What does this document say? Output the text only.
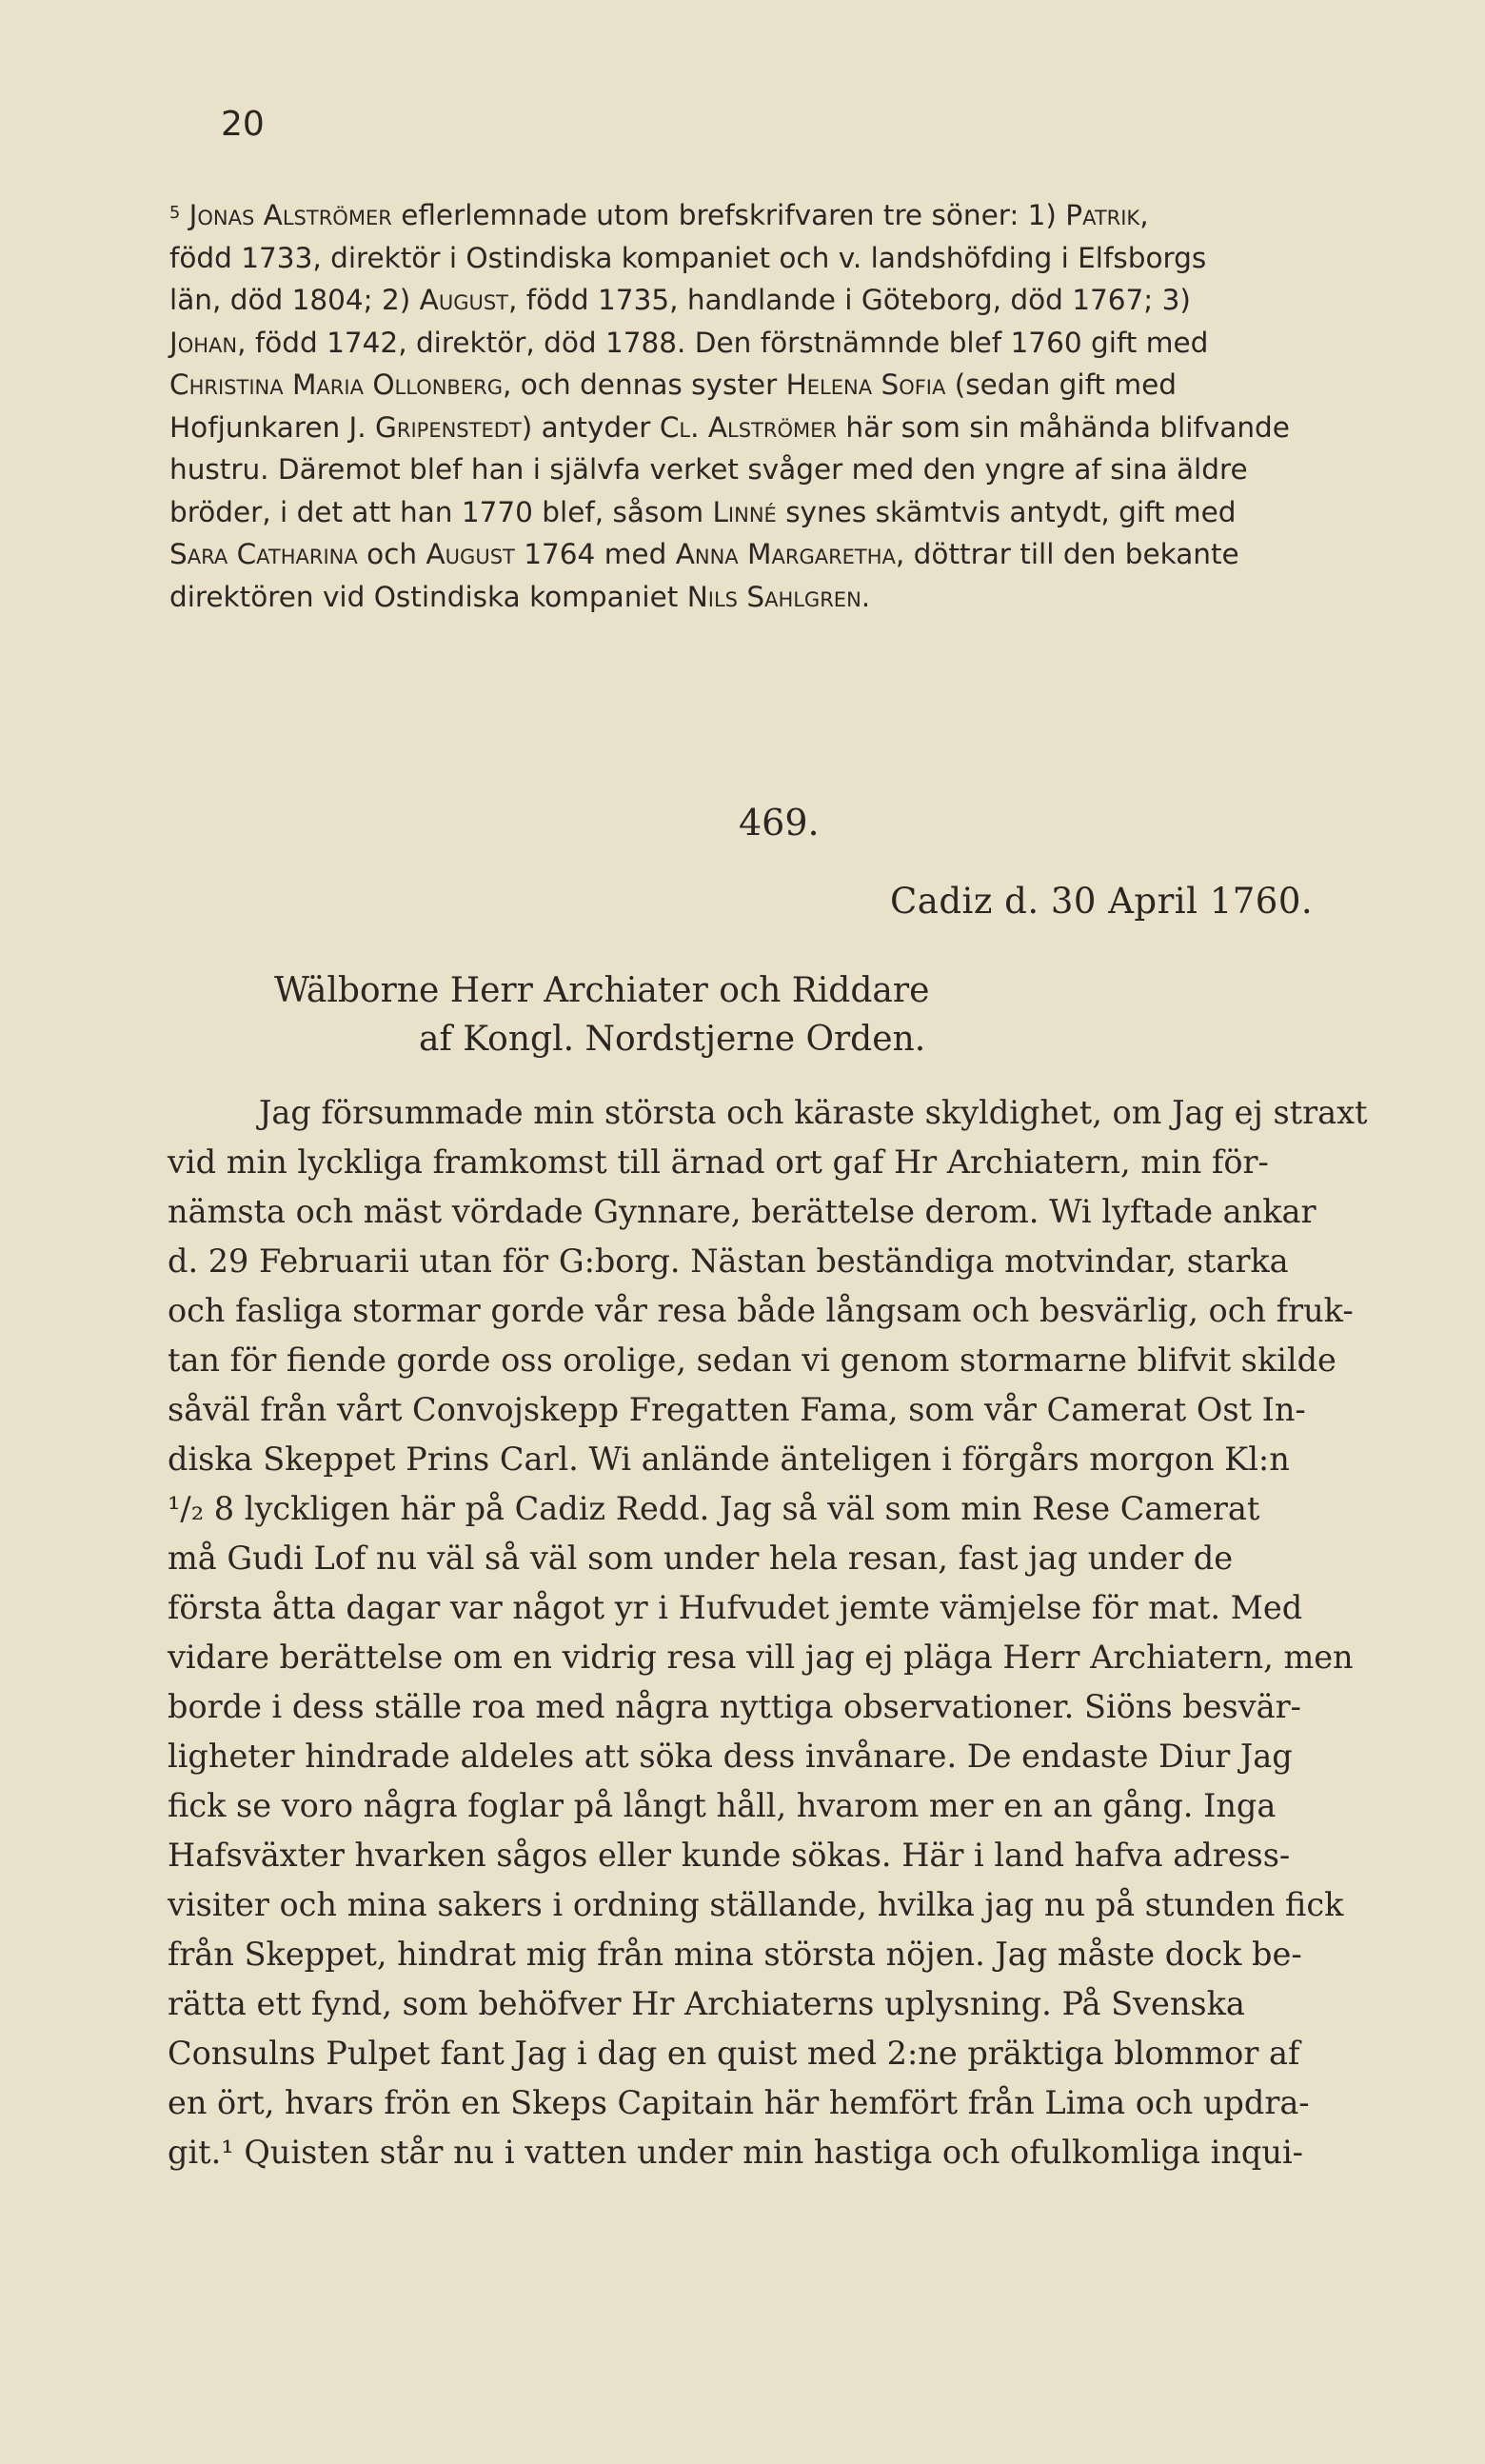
20
$^5$ Jonas Alströmer eflerlemnade utom brefskrifvaren tre söner: 1) Patrik,
född 1733, direktör i Ostindiska kompaniet och v. landshöfding i Elfsborgs
län, död 1804; 2) August, född 1735, handlande i Göteborg, död 1767; 3)
Johan, född 1742, direktör, död 1788. Den förstnämnde blef 1760 gift med
Christina Maria Ollonberg, och dennas syster Helena Sofia (sedan gift med
Hofjunkaren J. Gripenstedt) antyder Cl. Alströmer här som sin måhända blifvande
hustru. Däremot blef han i självfa verket svåger med den yngre af sina äldre
bröder, i det att han 1770 blef, såsom Linné synes skämtvis antydt, gift med
Sara Catharina och August 1764 med Anna Margaretha, döttrar till den bekante
direktören vid Ostindiska kompaniet Nils Sahlgren.
469.
Cadiz d. 30 April 1760.
Wälborne Herr Archiater och Riddare
af Kongl. Nordstjerne Orden.
Jag försummade min största och käraste skyldighet, om Jag ej straxt
vid min lyckliga framkomst till ärnad ort gaf Hr Archiatern, min för-
nämsta och mäst vördade Gynnare, berättelse derom. Wi lyftade ankar
d. 29 Februarii utan för G:borg. Nästan beständiga motvindar, starka
och fasliga stormar gorde vår resa både långsam och besvärlig, och fruk-
tan för fiende gorde oss orolige, sedan vi genom stormarne blifvit skilde
såväl från vårt Convojskepp Fregatten Fama, som vår Camerat Ost In-
diska Skeppet Prins Carl. Wi anlände änteligen i förgårs morgon Kl:n
¹/₂ 8 lyckligen här på Cadiz Redd. Jag så väl som min Rese Camerat
må Gudi Lof nu väl så väl som under hela resan, fast jag under de
första åtta dagar var något yr i Hufvudet jemte vämjelse för mat. Med
vidare berättelse om en vidrig resa vill jag ej pläga Herr Archiatern, men
borde i dess ställe roa med några nyttiga observationer. Siöns besvär-
ligheter hindrade aldeles att söka dess invånare. De endaste Diur Jag
fick se voro några foglar på långt håll, hvarom mer en an gång. Inga
Hafsväxter hvarken sågos eller kunde sökas. Här i land hafva adress-
visiter och mina sakers i ordning ställande, hvilka jag nu på stunden fick
från Skeppet, hindrat mig från mina största nöjen. Jag måste dock be-
rätta ett fynd, som behöfver Hr Archiaterns uplysning. På Svenska
Consulns Pulpet fant Jag i dag en quist med 2:ne präktiga blommor af
en ört, hvars frön en Skeps Capitain här hemfört från Lima och updra-
git.¹ Quisten står nu i vatten under min hastiga och ofulkomliga inqui-
